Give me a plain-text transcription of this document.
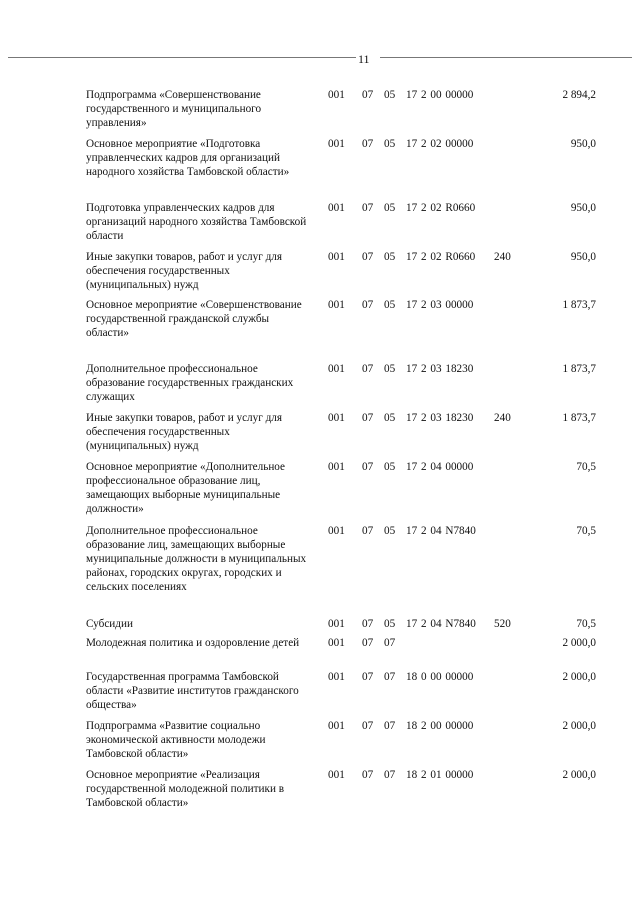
11
Подпрограмма «Совершенствование государственного и муниципального управления»
001 07 05 17 2 00 00000	2 894,2
Основное мероприятие «Подготовка управленческих кадров для организаций народного хозяйства Тамбовской области»
001 07 05 17 2 02 00000	950,0
Подготовка управленческих кадров для организаций народного хозяйства Тамбовской области
001 07 05 17 2 02 R0660	950,0
Иные закупки товаров, работ и услуг для обеспечения государственных (муниципальных) нужд
001 07 05 17 2 02 R0660 240	950,0
Основное мероприятие «Совершенствование государственной гражданской службы области»
001 07 05 17 2 03 00000	1 873,7
Дополнительное профессиональное образование государственных гражданских служащих
001 07 05 17 2 03 18230	1 873,7
Иные закупки товаров, работ и услуг для обеспечения государственных (муниципальных) нужд
001 07 05 17 2 03 18230 240	1 873,7
Основное мероприятие «Дополнительное профессиональное образование лиц, замещающих выборные муниципальные должности»
001 07 05 17 2 04 00000	70,5
Дополнительное профессиональное образование лиц, замещающих выборные муниципальные должности в муниципальных районах, городских округах, городских и сельских поселениях
001 07 05 17 2 04 N7840	70,5
Субсидии	001 07 05 17 2 04 N7840 520	70,5
Молодежная политика и оздоровление детей	001 07 07	2 000,0
Государственная программа Тамбовской области «Развитие институтов гражданского общества»
001 07 07 18 0 00 00000	2 000,0
Подпрограмма «Развитие социально экономической активности молодежи Тамбовской области»
001 07 07 18 2 00 00000	2 000,0
Основное мероприятие «Реализация государственной молодежной политики в Тамбовской области»
001 07 07 18 2 01 00000	2 000,0
